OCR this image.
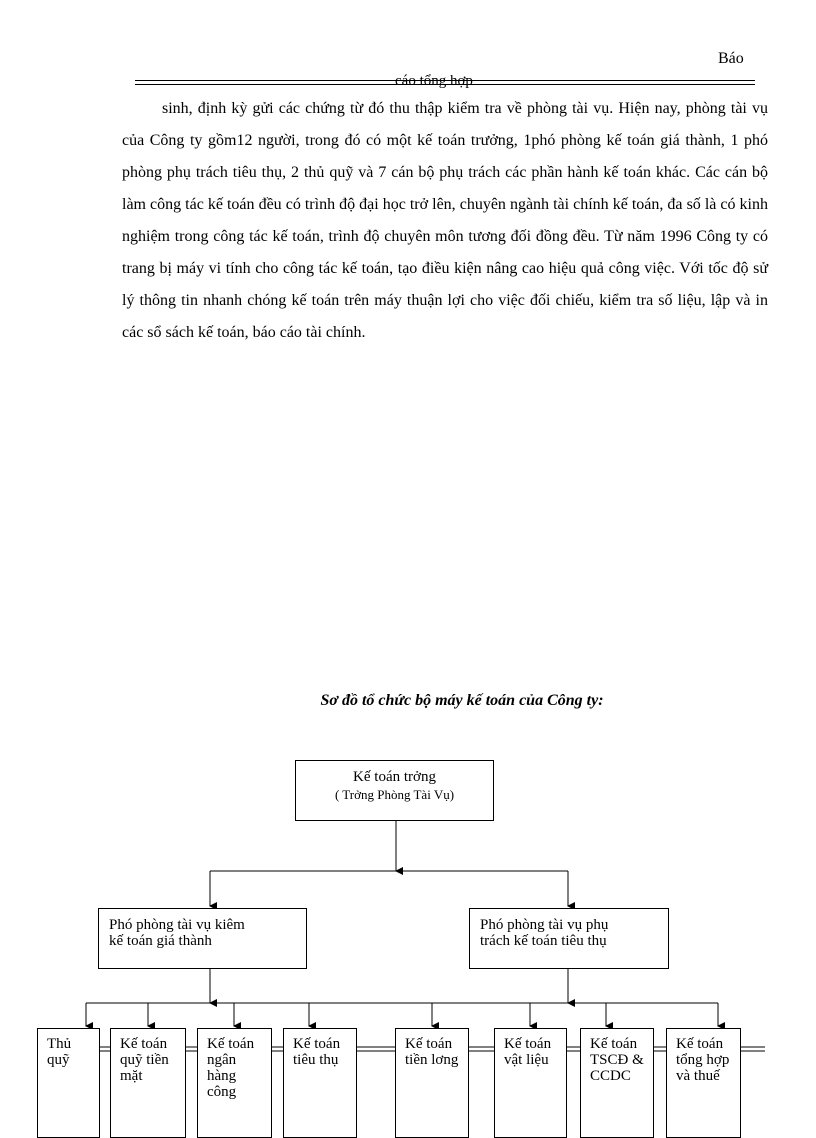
Báo
cáo tổng hợp

sinh, định kỳ gửi các chứng từ đó thu thập kiểm tra về phòng tài vụ. Hiện nay, phòng tài vụ của Công ty gồm12 người, trong đó có một kế toán trưởng, 1phó phòng kế toán giá thành, 1 phó phòng phụ trách tiêu thụ, 2 thủ quỹ và 7 cán bộ phụ trách các phần hành kế toán khác. Các cán bộ làm công tác kế toán đều có trình độ đại học trở lên, chuyên ngành tài chính kế toán, đa số là có kinh nghiệm trong công tác kế toán, trình độ chuyên môn tương đối đồng đều. Từ năm 1996 Công ty có trang bị máy vi tính cho công tác kế toán, tạo điều kiện nâng cao hiệu quả công việc. Với tốc độ sử lý thông tin nhanh chóng kế toán trên máy thuận lợi cho việc đối chiếu, kiểm tra số liệu, lập và in các sổ sách kế toán, báo cáo tài chính.

Sơ đồ tổ chức bộ máy kế toán của Công ty:
Kế toán trởng
( Trởng Phòng Tài Vụ)
Phó phòng tài vụ kiêm
kế toán giá thành
Phó phòng tài vụ phụ
trách kế toán tiêu thụ
Thủ quỹ
Kế toán quỹ tiền mặt
Kế toán ngân hàng công
Kế toán tiêu thụ
Kế toán tiền lơng
Kế toán vật liệu
Kế toán TSCĐ & CCDC
Kế toán tổng hợp và thuế
